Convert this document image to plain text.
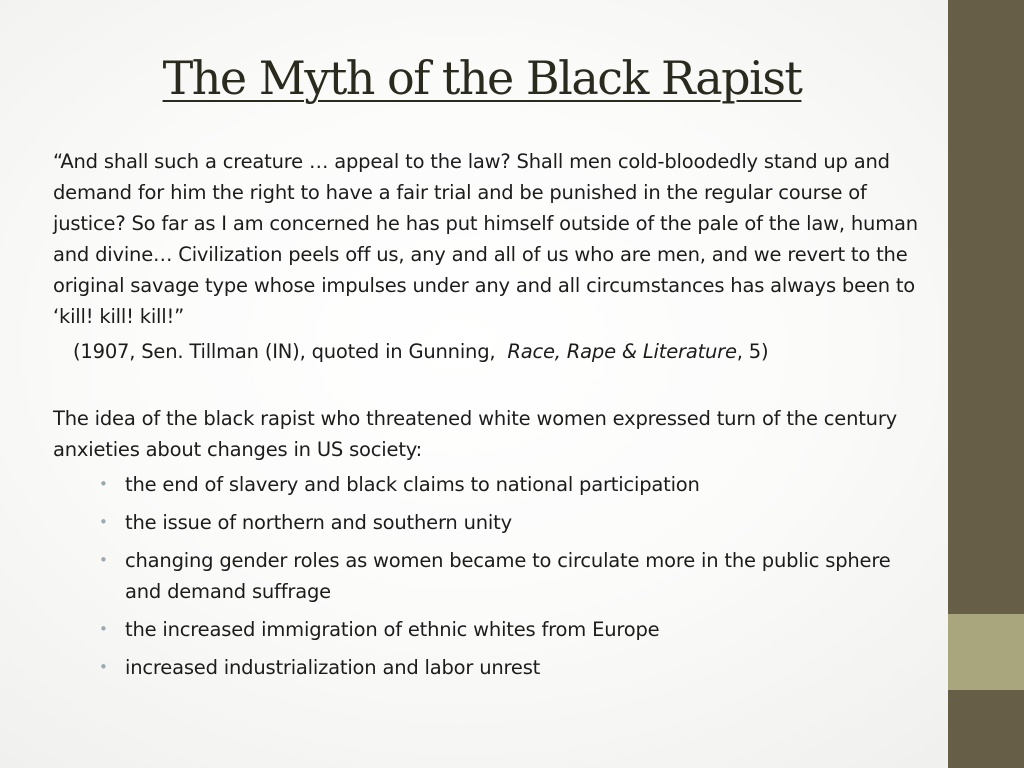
The Myth of the Black Rapist

“And shall such a creature … appeal to the law? Shall men cold-bloodedly stand up and demand for him the right to have a fair trial and be punished in the regular course of justice? So far as I am concerned he has put himself outside of the pale of the law, human and divine… Civilization peels off us, any and all of us who are men, and we revert to the original savage type whose impulses under any and all circumstances has always been to ‘kill! kill! kill!”

(1907, Sen. Tillman (IN), quoted in Gunning, Race, Rape & Literature, 5)

The idea of the black rapist who threatened white women expressed turn of the century anxieties about changes in US society:

• the end of slavery and black claims to national participation
• the issue of northern and southern unity
• changing gender roles as women became to circulate more in the public sphere and demand suffrage
• the increased immigration of ethnic whites from Europe
• increased industrialization and labor unrest
